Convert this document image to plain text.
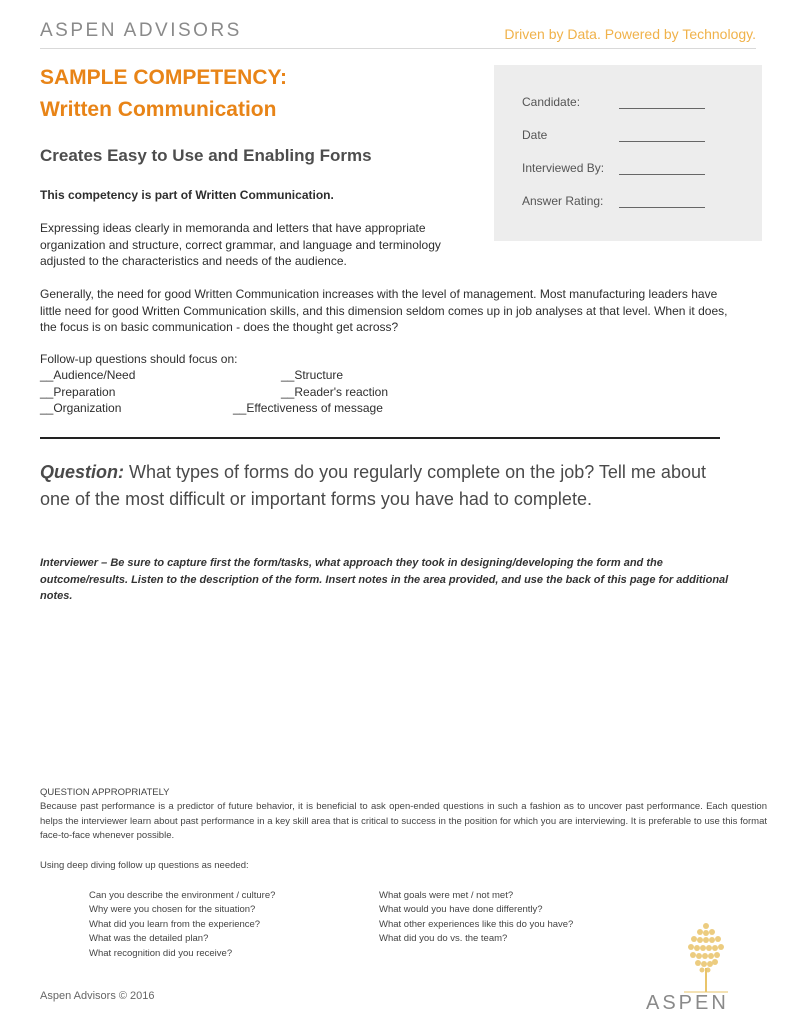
ASPEN ADVISORS	Driven by Data. Powered by Technology.
SAMPLE COMPETENCY:
Written Communication
Creates Easy to Use and Enabling Forms
Candidate:
Date
Interviewed By:
Answer Rating:
This competency is part of Written Communication.
Expressing ideas clearly in memoranda and letters that have appropriate organization and structure, correct grammar, and language and terminology adjusted to the characteristics and needs of the audience.
Generally, the need for good Written Communication increases with the level of management. Most manufacturing leaders have little need for good Written Communication skills, and this dimension seldom comes up in job analyses at that level. When it does, the focus is on basic communication - does the thought get across?
Follow-up questions should focus on:
__Audience/Need
__Preparation
__Organization
__Structure
__Reader's reaction
__Effectiveness of message
Question: What types of forms do you regularly complete on the job? Tell me about one of the most difficult or important forms you have had to complete.
Interviewer – Be sure to capture first the form/tasks, what approach they took in designing/developing the form and the outcome/results. Listen to the description of the form. Insert notes in the area provided, and use the back of this page for additional notes.
QUESTION APPROPRIATELY
Because past performance is a predictor of future behavior, it is beneficial to ask open-ended questions in such a fashion as to uncover past performance. Each question helps the interviewer learn about past performance in a key skill area that is critical to success in the position for which you are interviewing. It is preferable to use this format face-to-face whenever possible.
Using deep diving follow up questions as needed:
Can you describe the environment / culture?
Why were you chosen for the situation?
What did you learn from the experience?
What was the detailed plan?
What recognition did you receive?
What goals were met / not met?
What would you have done differently?
What other experiences like this do you have?
What did you do vs. the team?
Aspen Advisors © 2016	ASPEN
